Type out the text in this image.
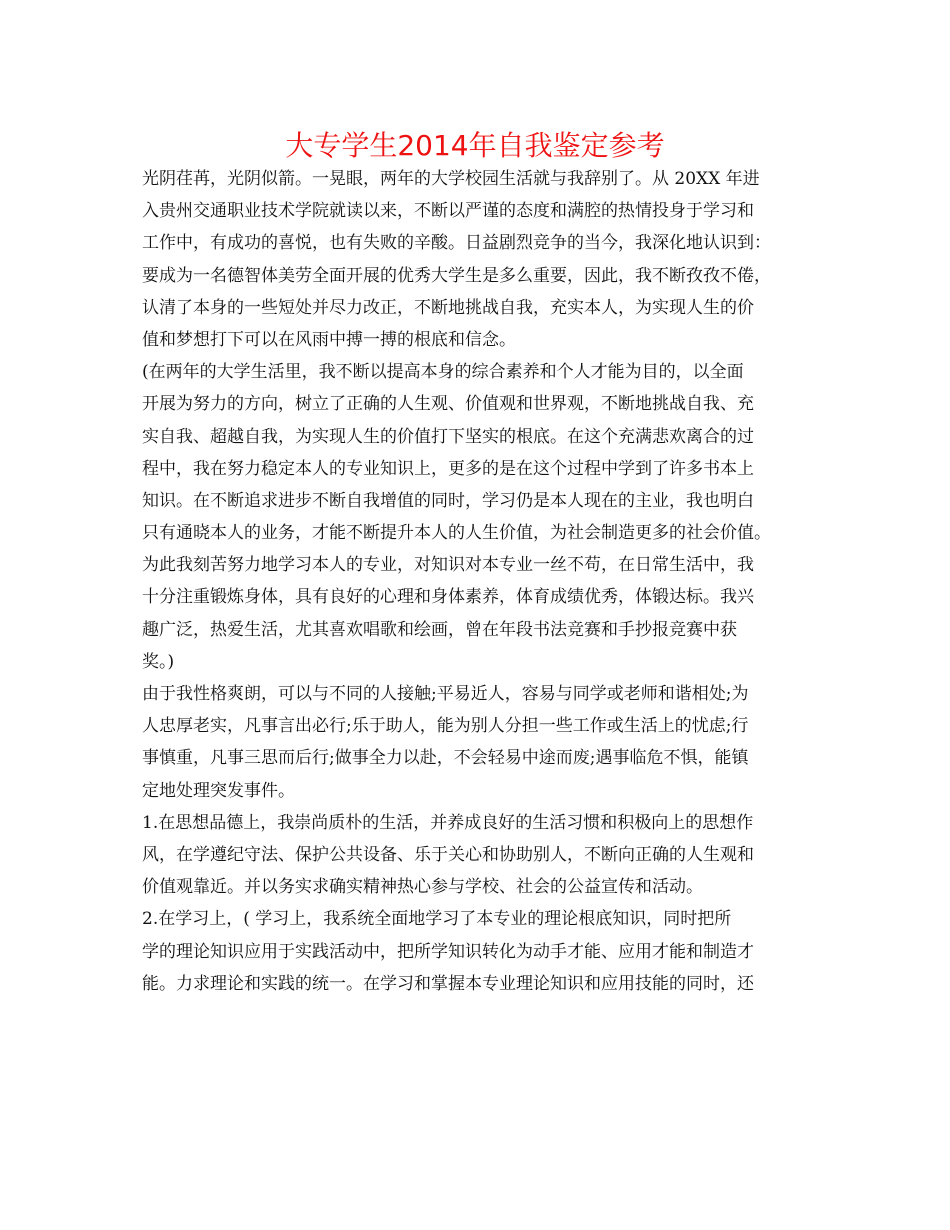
大专学生2014年自我鉴定参考
光阴荏苒，光阴似箭。一晃眼，两年的大学校园生活就与我辞别了。从 20XX 年进
入贵州交通职业技术学院就读以来，不断以严谨的态度和满腔的热情投身于学习和
工作中，有成功的喜悦，也有失败的辛酸。日益剧烈竞争的当今，我深化地认识到：
要成为一名德智体美劳全面开展的优秀大学生是多么重要，因此，我不断孜孜不倦，
认清了本身的一些短处并尽力改正，不断地挑战自我，充实本人，为实现人生的价
值和梦想打下可以在风雨中搏一搏的根底和信念。
(在两年的大学生活里，我不断以提高本身的综合素养和个人才能为目的，以全面
开展为努力的方向，树立了正确的人生观、价值观和世界观，不断地挑战自我、充
实自我、超越自我，为实现人生的价值打下坚实的根底。在这个充满悲欢离合的过
程中，我在努力稳定本人的专业知识上，更多的是在这个过程中学到了许多书本上
知识。在不断追求进步不断自我增值的同时，学习仍是本人现在的主业，我也明白
只有通晓本人的业务，才能不断提升本人的人生价值，为社会制造更多的社会价值。
为此我刻苦努力地学习本人的专业，对知识对本专业一丝不苟，在日常生活中，我
十分注重锻炼身体，具有良好的心理和身体素养，体育成绩优秀，体锻达标。我兴
趣广泛，热爱生活，尤其喜欢唱歌和绘画，曾在年段书法竞赛和手抄报竞赛中获
奖。)
由于我性格爽朗，可以与不同的人接触;平易近人，容易与同学或老师和谐相处;为
人忠厚老实，凡事言出必行;乐于助人，能为别人分担一些工作或生活上的忧虑;行
事慎重，凡事三思而后行;做事全力以赴，不会轻易中途而废;遇事临危不惧，能镇
定地处理突发事件。
1.在思想品德上，我崇尚质朴的生活，并养成良好的生活习惯和积极向上的思想作
风，在学遵纪守法、保护公共设备、乐于关心和协助别人，不断向正确的人生观和
价值观靠近。并以务实求确实精神热心参与学校、社会的公益宣传和活动。
2.在学习上，( 学习上，我系统全面地学习了本专业的理论根底知识，同时把所
学的理论知识应用于实践活动中，把所学知识转化为动手才能、应用才能和制造才
能。力求理论和实践的统一。在学习和掌握本专业理论知识和应用技能的同时，还
